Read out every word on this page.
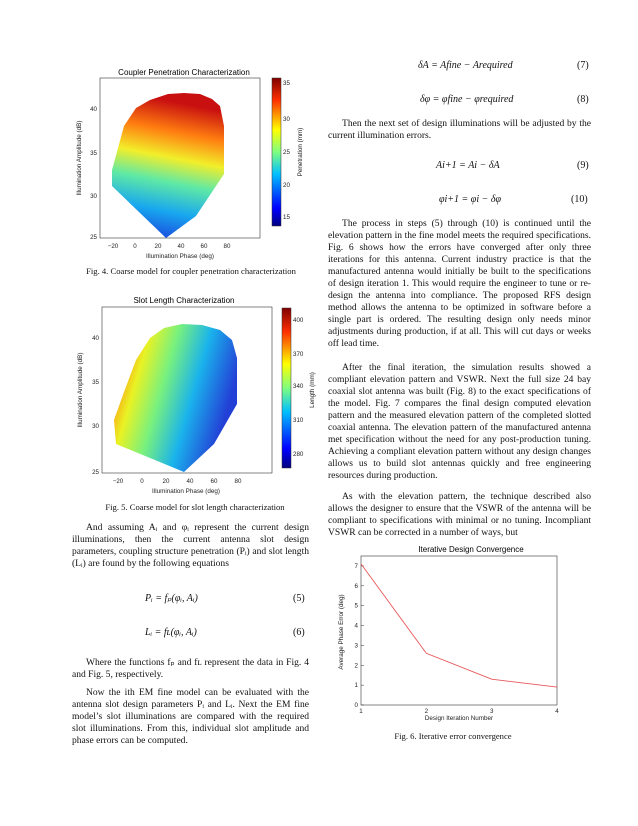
Coupler Penetration Characterization
−20 0	20	40	60	80
25
30
35
40
15
20
25
30
35
Illumination Phase (deg)
Illumination Amplitude (dB)	Penetration (mm)
Fig. 4. Coarse model for coupler penetration characterization
Slot Length Characterization
−20	0	20	40	60	80
25
30
35
40
280
310
340
370
400
Illumination Phase (deg)
Illumination Amplitude (dB)	Length (mm)
Fig. 5. Coarse model for slot length characterization

And assuming Aᵢ and φᵢ represent the current design illuminations, then the current antenna slot design parameters, coupling structure penetration (Pᵢ) and slot length (Lᵢ) are found by the following equations

Pᵢ = fₚ(φᵢ, Aᵢ)	(5)
Lᵢ = fʟ(φᵢ, Aᵢ)	(6)

Where the functions fₚ and fʟ represent the data in Fig. 4 and Fig. 5, respectively.

Now the ith EM fine model can be evaluated with the antenna slot design parameters Pᵢ and Lᵢ. Next the EM fine model’s slot illuminations are compared with the required slot illuminations. From this, individual slot amplitude and phase errors can be computed.

δA = Afine − Arequired	(7)
δφ = φfine − φrequired	(8)

Then the next set of design illuminations will be adjusted by the current illumination errors.

Ai+1 = Ai − δA	(9)
φi+1 = φi − δφ	(10)

The process in steps (5) through (10) is continued until the elevation pattern in the fine model meets the required specifications. Fig. 6 shows how the errors have converged after only three iterations for this antenna. Current industry practice is that the manufactured antenna would initially be built to the specifications of design iteration 1. This would require the engineer to tune or re-design the antenna into compliance. The proposed RFS design method allows the antenna to be optimized in software before a single part is ordered. The resulting design only needs minor adjustments during production, if at all. This will cut days or weeks off lead time.

After the final iteration, the simulation results showed a compliant elevation pattern and VSWR. Next the full size 24 bay coaxial slot antenna was built (Fig. 8) to the exact specifications of the model. Fig. 7 compares the final design computed elevation pattern and the measured elevation pattern of the completed slotted coaxial antenna. The elevation pattern of the manufactured antenna met specification without the need for any post-production tuning. Achieving a compliant elevation pattern without any design changes allows us to build slot antennas quickly and free engineering resources during production.

As with the elevation pattern, the technique described also allows the designer to ensure that the VSWR of the antenna will be compliant to specifications with minimal or no tuning. Incompliant VSWR can be corrected in a number of ways, but

Iterative Design Convergence
0
1
2
3
4
5
6
7
1	2	3	4
Design Iteration Number
Average Phase Error (deg)
Fig. 6. Iterative error convergence
